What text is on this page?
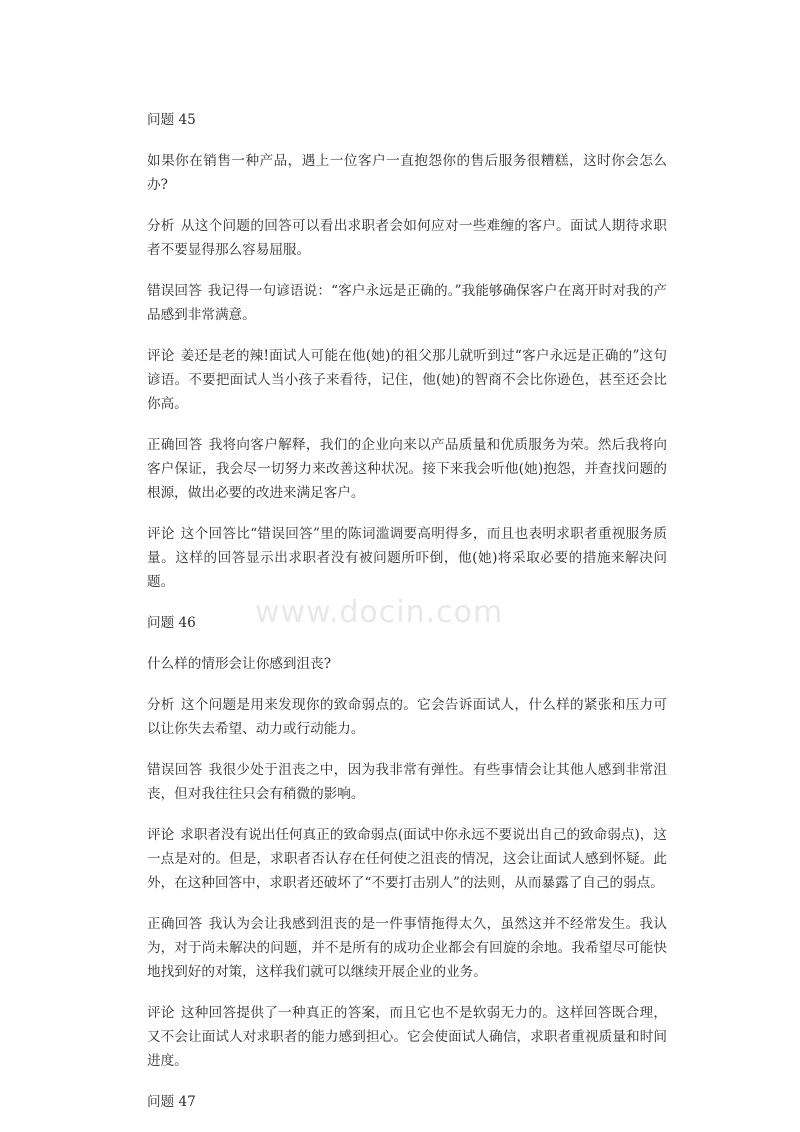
问题 45

如果你在销售一种产品，遇上一位客户一直抱怨你的售后服务很糟糕，这时你会怎么办?

分析 从这个问题的回答可以看出求职者会如何应对一些难缠的客户。面试人期待求职者不要显得那么容易屈服。

错误回答 我记得一句谚语说：“客户永远是正确的。”我能够确保客户在离开时对我的产品感到非常满意。

评论 姜还是老的辣!面试人可能在他(她)的祖父那儿就听到过“客户永远是正确的”这句谚语。不要把面试人当小孩子来看待，记住，他(她)的智商不会比你逊色，甚至还会比你高。

正确回答 我将向客户解释，我们的企业向来以产品质量和优质服务为荣。然后我将向客户保证，我会尽一切努力来改善这种状况。接下来我会听他(她)抱怨，并查找问题的根源，做出必要的改进来满足客户。

评论 这个回答比“错误回答”里的陈词滥调要高明得多，而且也表明求职者重视服务质量。这样的回答显示出求职者没有被问题所吓倒，他(她)将采取必要的措施来解决问题。

问题 46

什么样的情形会让你感到沮丧?

分析 这个问题是用来发现你的致命弱点的。它会告诉面试人，什么样的紧张和压力可以让你失去希望、动力或行动能力。

错误回答 我很少处于沮丧之中，因为我非常有弹性。有些事情会让其他人感到非常沮丧，但对我往往只会有稍微的影响。

评论 求职者没有说出任何真正的致命弱点(面试中你永远不要说出自己的致命弱点)，这一点是对的。但是，求职者否认存在任何使之沮丧的情况，这会让面试人感到怀疑。此外，在这种回答中，求职者还破坏了“不要打击别人”的法则，从而暴露了自己的弱点。

正确回答 我认为会让我感到沮丧的是一件事情拖得太久，虽然这并不经常发生。我认为，对于尚未解决的问题，并不是所有的成功企业都会有回旋的余地。我希望尽可能快地找到好的对策，这样我们就可以继续开展企业的业务。

评论 这种回答提供了一种真正的答案，而且它也不是软弱无力的。这样回答既合理，又不会让面试人对求职者的能力感到担心。它会使面试人确信，求职者重视质量和时间进度。

问题 47
www.docin.com
